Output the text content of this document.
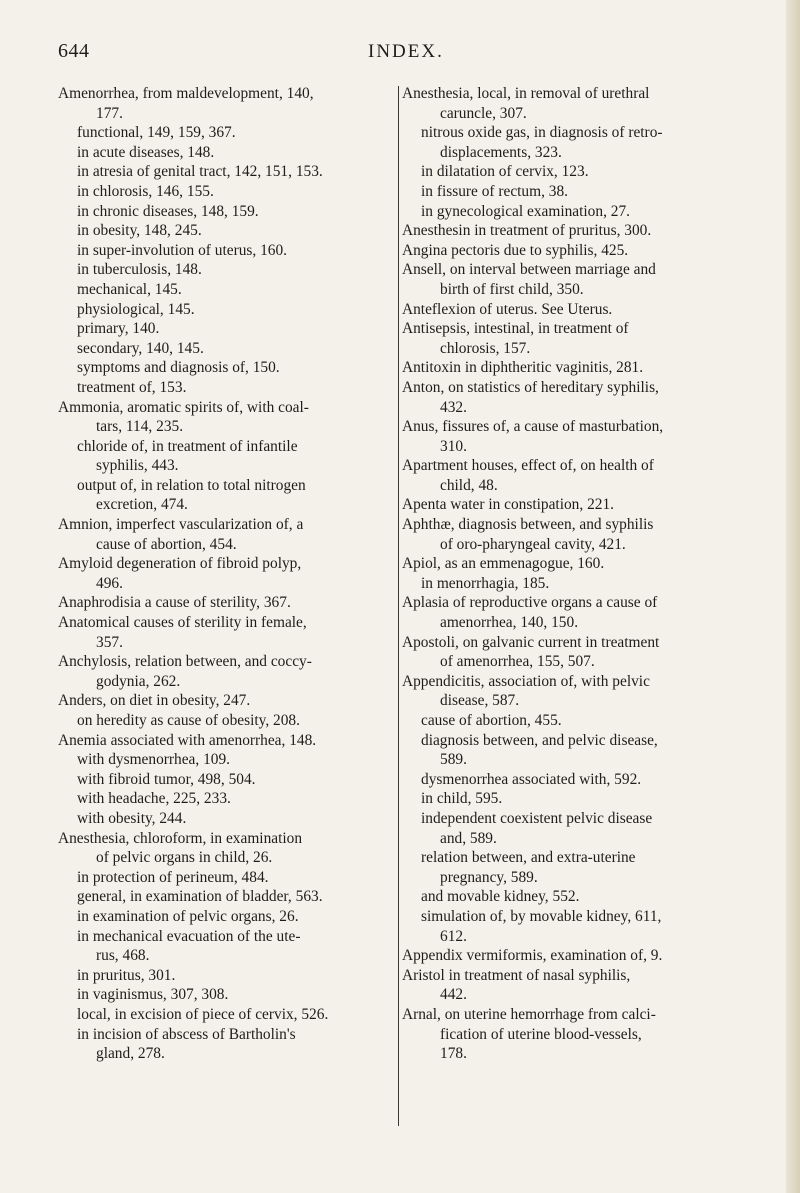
644	INDEX.
Amenorrhea, from maldevelopment, 140,
177.
functional, 149, 159, 367.
in acute diseases, 148.
in atresia of genital tract, 142, 151, 153.
in chlorosis, 146, 155.
in chronic diseases, 148, 159.
in obesity, 148, 245.
in super-involution of uterus, 160.
in tuberculosis, 148.
mechanical, 145.
physiological, 145.
primary, 140.
secondary, 140, 145.
symptoms and diagnosis of, 150.
treatment of, 153.
Ammonia, aromatic spirits of, with coal-
tars, 114, 235.
chloride of, in treatment of infantile
syphilis, 443.
output of, in relation to total nitrogen
excretion, 474.
Amnion, imperfect vascularization of, a
cause of abortion, 454.
Amyloid degeneration of fibroid polyp,
496.
Anaphrodisia a cause of sterility, 367.
Anatomical causes of sterility in female,
357.
Anchylosis, relation between, and coccy-
godynia, 262.
Anders, on diet in obesity, 247.
on heredity as cause of obesity, 208.
Anemia associated with amenorrhea, 148.
with dysmenorrhea, 109.
with fibroid tumor, 498, 504.
with headache, 225, 233.
with obesity, 244.
Anesthesia, chloroform, in examination
of pelvic organs in child, 26.
in protection of perineum, 484.
general, in examination of bladder, 563.
in examination of pelvic organs, 26.
in mechanical evacuation of the ute-
rus, 468.
in pruritus, 301.
in vaginismus, 307, 308.
local, in excision of piece of cervix, 526.
in incision of abscess of Bartholin's
gland, 278.
Anesthesia, local, in removal of urethral
caruncle, 307.
nitrous oxide gas, in diagnosis of retro-
displacements, 323.
in dilatation of cervix, 123.
in fissure of rectum, 38.
in gynecological examination, 27.
Anesthesin in treatment of pruritus, 300.
Angina pectoris due to syphilis, 425.
Ansell, on interval between marriage and
birth of first child, 350.
Anteflexion of uterus. See Uterus.
Antisepsis, intestinal, in treatment of
chlorosis, 157.
Antitoxin in diphtheritic vaginitis, 281.
Anton, on statistics of hereditary syphilis,
432.
Anus, fissures of, a cause of masturbation,
310.
Apartment houses, effect of, on health of
child, 48.
Apenta water in constipation, 221.
Aphthæ, diagnosis between, and syphilis
of oro-pharyngeal cavity, 421.
Apiol, as an emmenagogue, 160.
in menorrhagia, 185.
Aplasia of reproductive organs a cause of
amenorrhea, 140, 150.
Apostoli, on galvanic current in treatment
of amenorrhea, 155, 507.
Appendicitis, association of, with pelvic
disease, 587.
cause of abortion, 455.
diagnosis between, and pelvic disease,
589.
dysmenorrhea associated with, 592.
in child, 595.
independent coexistent pelvic disease
and, 589.
relation between, and extra-uterine
pregnancy, 589.
and movable kidney, 552.
simulation of, by movable kidney, 611,
612.
Appendix vermiformis, examination of, 9.
Aristol in treatment of nasal syphilis,
442.
Arnal, on uterine hemorrhage from calci-
fication of uterine blood-vessels,
178.
